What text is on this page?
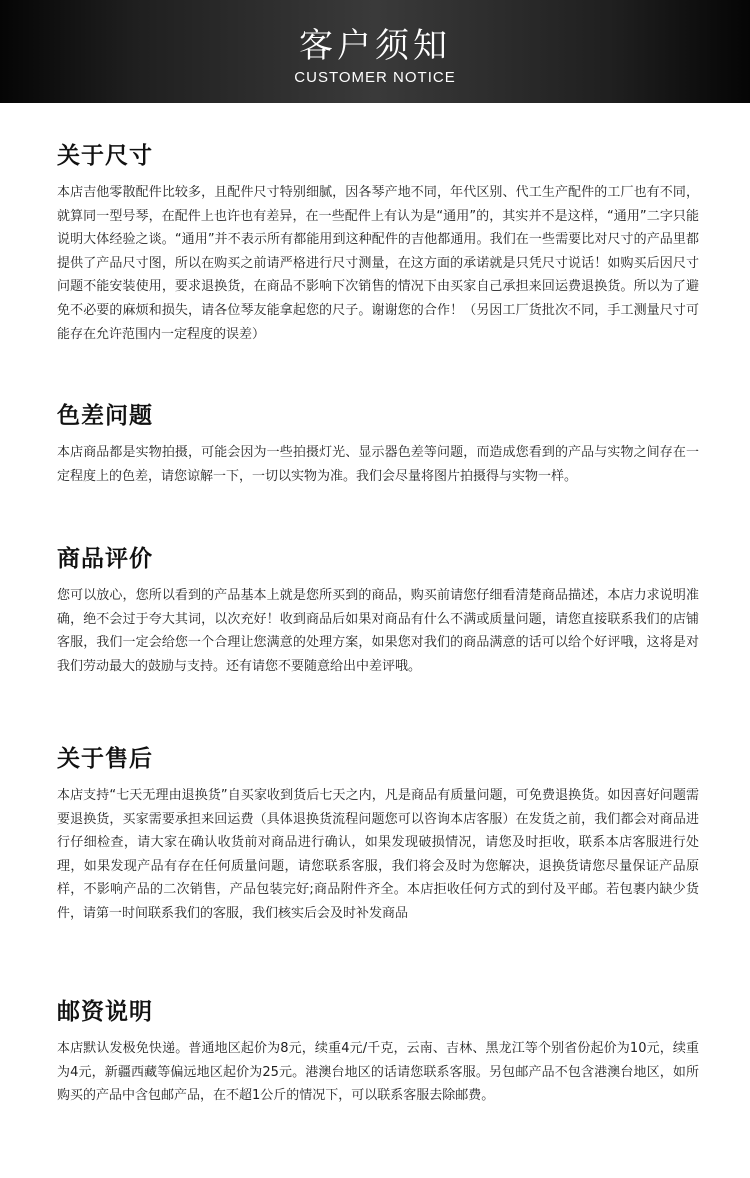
客户须知
CUSTOMER NOTICE
关于尺寸

本店吉他零散配件比较多，且配件尺寸特别细腻，因各琴产地不同，年代区别、代工生产配件的工厂也有不同，就算同一型号琴，在配件上也许也有差异，在一些配件上有认为是“通用”的，其实并不是这样，“通用”二字只能说明大体经验之谈。“通用”并不表示所有都能用到这种配件的吉他都通用。我们在一些需要比对尺寸的产品里都提供了产品尺寸图，所以在购买之前请严格进行尺寸测量，在这方面的承诺就是只凭尺寸说话！如购买后因尺寸问题不能安装使用，要求退换货，在商品不影响下次销售的情况下由买家自己承担来回运费退换货。所以为了避免不必要的麻烦和损失，请各位琴友能拿起您的尺子。谢谢您的合作！（另因工厂货批次不同，手工测量尺寸可能存在允许范围内一定程度的误差）

色差问题

本店商品都是实物拍摄，可能会因为一些拍摄灯光、显示器色差等问题，而造成您看到的产品与实物之间存在一定程度上的色差，请您谅解一下，一切以实物为准。我们会尽量将图片拍摄得与实物一样。

商品评价

您可以放心，您所以看到的产品基本上就是您所买到的商品，购买前请您仔细看清楚商品描述，本店力求说明准确，绝不会过于夸大其词，以次充好！收到商品后如果对商品有什么不满或质量问题，请您直接联系我们的店铺客服，我们一定会给您一个合理让您满意的处理方案，如果您对我们的商品满意的话可以给个好评哦，这将是对我们劳动最大的鼓励与支持。还有请您不要随意给出中差评哦。

关于售后

本店支持“七天无理由退换货”自买家收到货后七天之内，凡是商品有质量问题，可免费退换货。如因喜好问题需要退换货，买家需要承担来回运费（具体退换货流程问题您可以咨询本店客服）在发货之前，我们都会对商品进行仔细检查，请大家在确认收货前对商品进行确认，如果发现破损情况，请您及时拒收，联系本店客服进行处理，如果发现产品有存在任何质量问题，请您联系客服，我们将会及时为您解决，退换货请您尽量保证产品原样，不影响产品的二次销售，产品包装完好;商品附件齐全。本店拒收任何方式的到付及平邮。若包裹内缺少货件，请第一时间联系我们的客服，我们核实后会及时补发商品

邮资说明

本店默认发极免快递。普通地区起价为8元，续重4元/千克，云南、吉林、黑龙江等个别省份起价为10元，续重为4元，新疆西藏等偏远地区起价为25元。港澳台地区的话请您联系客服。另包邮产品不包含港澳台地区，如所购买的产品中含包邮产品，在不超1公斤的情况下，可以联系客服去除邮费。
